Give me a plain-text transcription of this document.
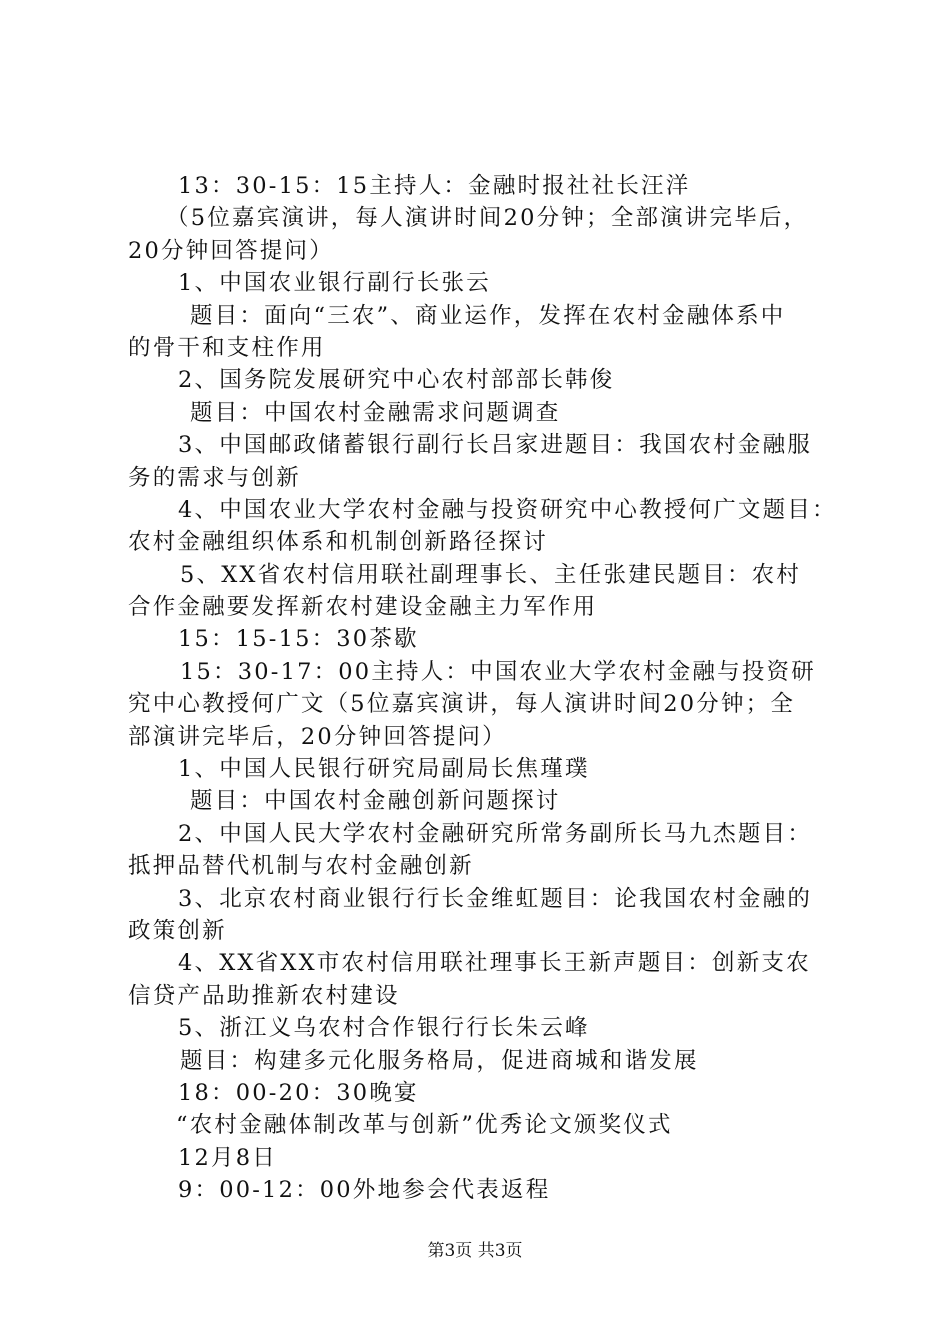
13：30-15：15主持人：金融时报社社长汪洋
（5位嘉宾演讲，每人演讲时间20分钟；全部演讲完毕后，
20分钟回答提问）
1、中国农业银行副行长张云
题目：面向“三农”、商业运作，发挥在农村金融体系中
的骨干和支柱作用
2、国务院发展研究中心农村部部长韩俊
题目：中国农村金融需求问题调查
3、中国邮政储蓄银行副行长吕家进题目：我国农村金融服
务的需求与创新
4、中国农业大学农村金融与投资研究中心教授何广文题目：
农村金融组织体系和机制创新路径探讨
5、XX省农村信用联社副理事长、主任张建民题目：农村
合作金融要发挥新农村建设金融主力军作用
15：15-15：30茶歇
15：30-17：00主持人：中国农业大学农村金融与投资研
究中心教授何广文（5位嘉宾演讲，每人演讲时间20分钟；全
部演讲完毕后，20分钟回答提问）
1、中国人民银行研究局副局长焦瑾璞
题目：中国农村金融创新问题探讨
2、中国人民大学农村金融研究所常务副所长马九杰题目：
抵押品替代机制与农村金融创新
3、北京农村商业银行行长金维虹题目：论我国农村金融的
政策创新
4、XX省XX市农村信用联社理事长王新声题目：创新支农
信贷产品助推新农村建设
5、浙江义乌农村合作银行行长朱云峰
题目：构建多元化服务格局，促进商城和谐发展
18：00-20：30晚宴
“农村金融体制改革与创新”优秀论文颁奖仪式
12月8日
9：00-12：00外地参会代表返程
第3页 共3页
